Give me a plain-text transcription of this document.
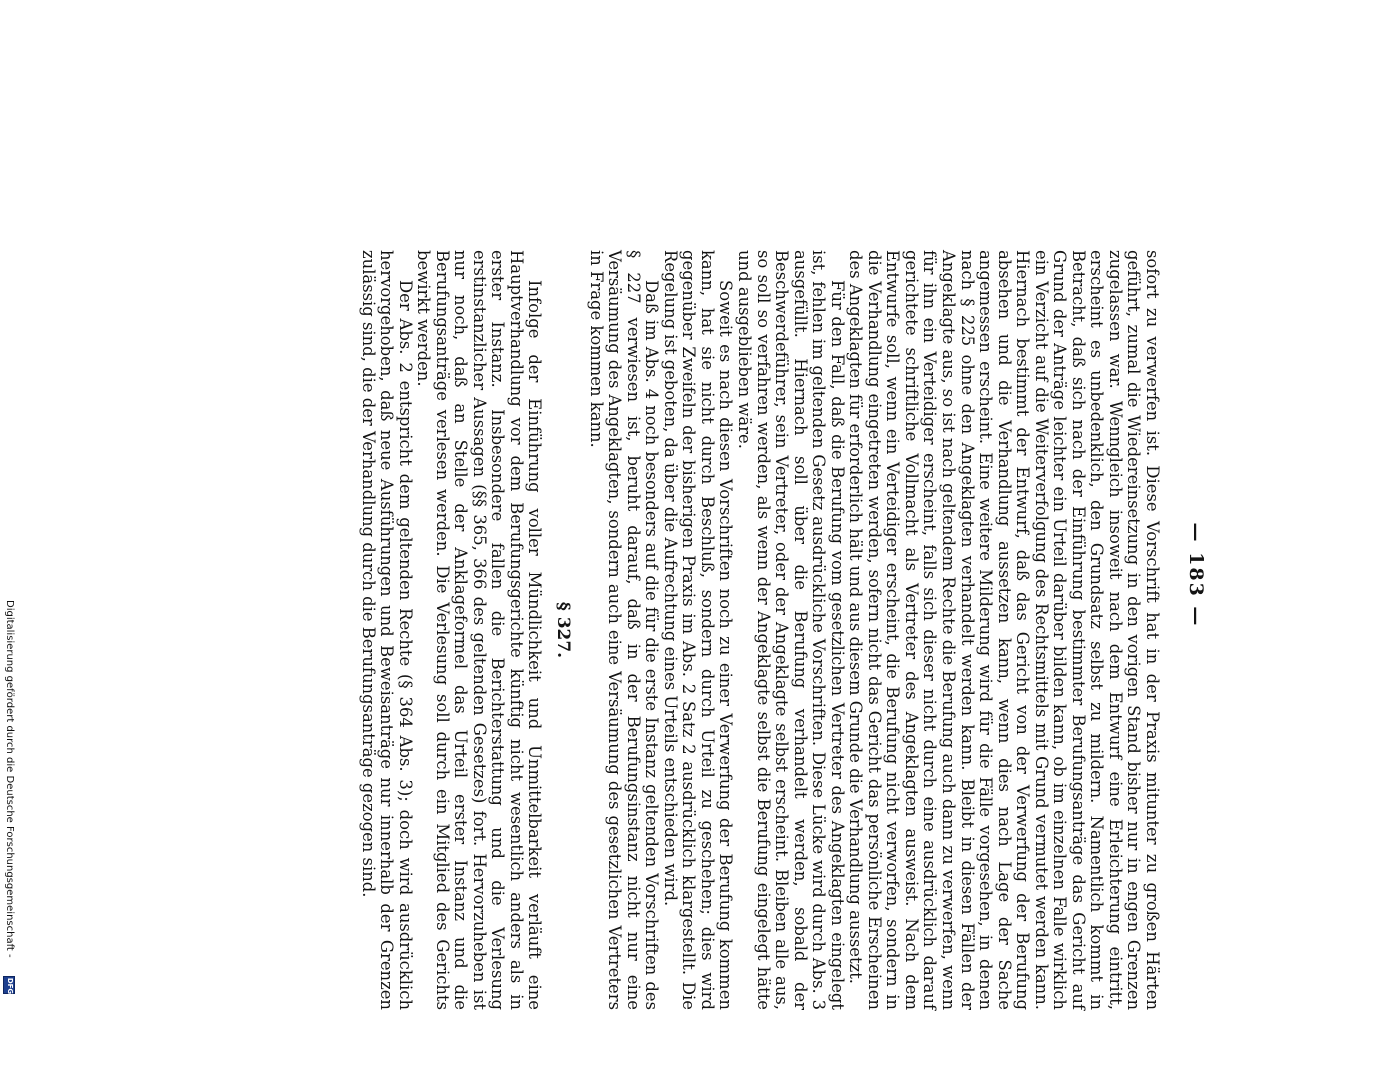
— 183 —

sofort zu verwerfen ist. Diese Vorschrift hat in der Praxis mitunter zu großen Härten geführt, zumal die Wiedereinsetzung in den vorigen Stand bisher nur in engen Grenzen zugelassen war. Wenngleich insoweit nach dem Entwurf eine Erleichterung eintritt, erscheint es unbedenklich, den Grundsatz selbst zu mildern. Namentlich kommt in Betracht, daß sich nach der Einführung bestimmter Berufungsanträge das Gericht auf Grund der Anträge leichter ein Urteil darüber bilden kann, ob im einzelnen Falle wirklich ein Verzicht auf die Weiterverfolgung des Rechtsmittels mit Grund vermutet werden kann. Hiernach bestimmt der Entwurf, daß das Gericht von der Verwerfung der Berufung absehen und die Verhandlung aussetzen kann, wenn dies nach Lage der Sache angemessen erscheint. Eine weitere Milderung wird für die Fälle vorgesehen, in denen nach § 225 ohne den Angeklagten verhandelt werden kann. Bleibt in diesen Fällen der Angeklagte aus, so ist nach geltendem Rechte die Berufung auch dann zu verwerfen, wenn für ihn ein Verteidiger erscheint, falls sich dieser nicht durch eine ausdrücklich darauf gerichtete schriftliche Vollmacht als Vertreter des Angeklagten ausweist. Nach dem Entwurfe soll, wenn ein Verteidiger erscheint, die Berufung nicht verworfen, sondern in die Verhandlung eingetreten werden, sofern nicht das Gericht das persönliche Erscheinen des Angeklagten für erforderlich hält und aus diesem Grunde die Verhandlung aussetzt.

Für den Fall, daß die Berufung vom gesetzlichen Vertreter des Angeklagten eingelegt ist, fehlen im geltenden Gesetz ausdrückliche Vorschriften. Diese Lücke wird durch Abs. 3 ausgefüllt. Hiernach soll über die Berufung verhandelt werden, sobald der Beschwerdeführer, sein Vertreter, oder der Angeklagte selbst erscheint. Bleiben alle aus, so soll so verfahren werden, als wenn der Angeklagte selbst die Berufung eingelegt hätte und ausgeblieben wäre.

Soweit es nach diesen Vorschriften noch zu einer Verwerfung der Berufung kommen kann, hat sie nicht durch Beschluß, sondern durch Urteil zu geschehen; dies wird gegenüber Zweifeln der bisherigen Praxis im Abs. 2 Satz 2 ausdrücklich klargestellt. Die Regelung ist geboten, da über die Aufrechtung eines Urteils entschieden wird.

Daß im Abs. 4 noch besonders auf die für die erste Instanz geltenden Vorschriften des § 227 verwiesen ist, beruht darauf, daß in der Berufungsinstanz nicht nur eine Versäumung des Angeklagten, sondern auch eine Versäumung des gesetzlichen Vertreters in Frage kommen kann.

§ 327.

Infolge der Einführung voller Mündlichkeit und Unmittelbarkeit verläuft eine Hauptverhandlung vor dem Berufungsgerichte künftig nicht wesentlich anders als in erster Instanz. Insbesondere fallen die Berichterstattung und die Verlesung erstinstanzlicher Aussagen (§§ 365, 366 des geltenden Gesetzes) fort. Hervorzuheben ist nur noch, daß an Stelle der Anklageformel das Urteil erster Instanz und die Berufungsanträge verlesen werden. Die Verlesung soll durch ein Mitglied des Gerichts bewirkt werden.

Der Abs. 2 entspricht dem geltenden Rechte (§ 364 Abs. 3); doch wird ausdrücklich hervorgehoben, daß neue Ausführungen und Beweisanträge nur innerhalb der Grenzen zulässig sind, die der Verhandlung durch die Berufungsanträge gezogen sind.

Digitalisierung gefördert durch die Deutsche Forschungsgemeinschaft -
DFG
